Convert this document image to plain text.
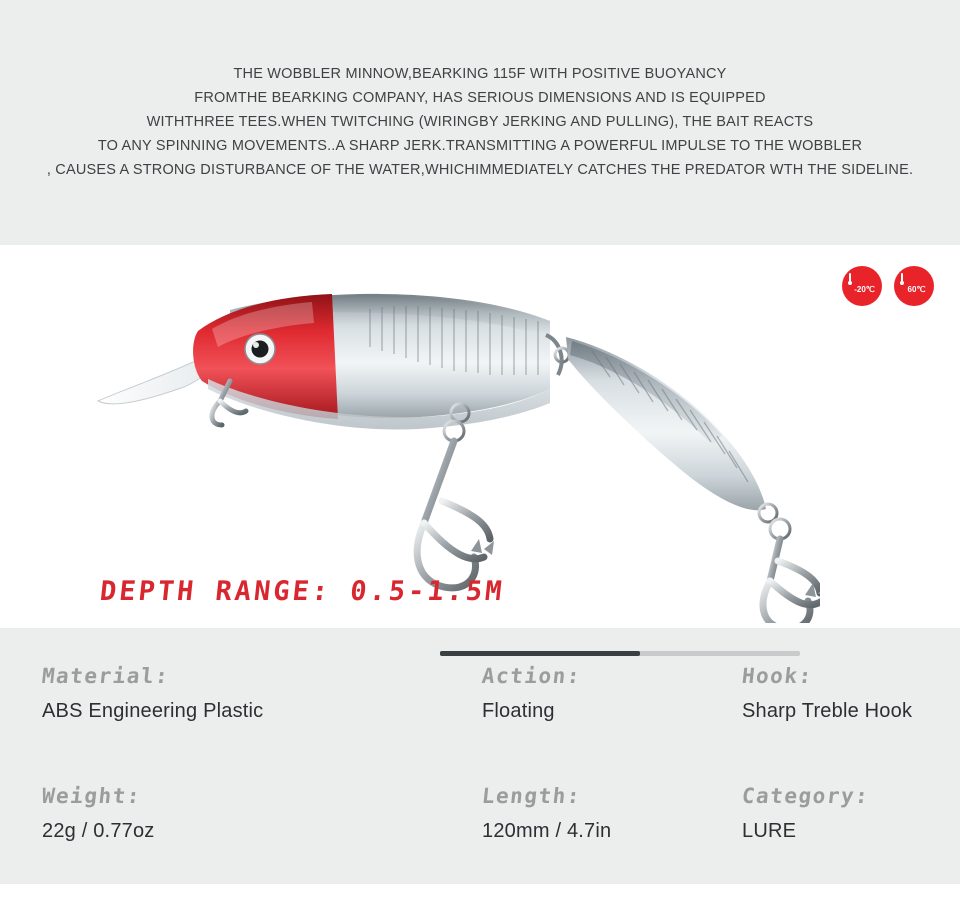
THE WOBBLER MINNOW,BEARKING 115F WITH POSITIVE BUOYANCY
FROMTHE BEARKING COMPANY, HAS SERIOUS DIMENSIONS AND IS EQUIPPED
WITHTHREE TEES.WHEN TWITCHING (WIRINGBY JERKING AND PULLING), THE BAIT REACTS
TO ANY SPINNING MOVEMENTS..A SHARP JERK.TRANSMITTING A POWERFUL IMPULSE TO THE WOBBLER
, CAUSES A STRONG DISTURBANCE OF THE WATER,WHICHIMMEDIATELY CATCHES THE PREDATOR WTH THE SIDELINE.
-20℃	60℃
DEPTH RANGE: 0.5-1.5M
Material:
ABS Engineering Plastic
Action:
Floating
Hook:
Sharp Treble Hook
Weight:
22g / 0.77oz
Length:
120mm / 4.7in
Category:
LURE
